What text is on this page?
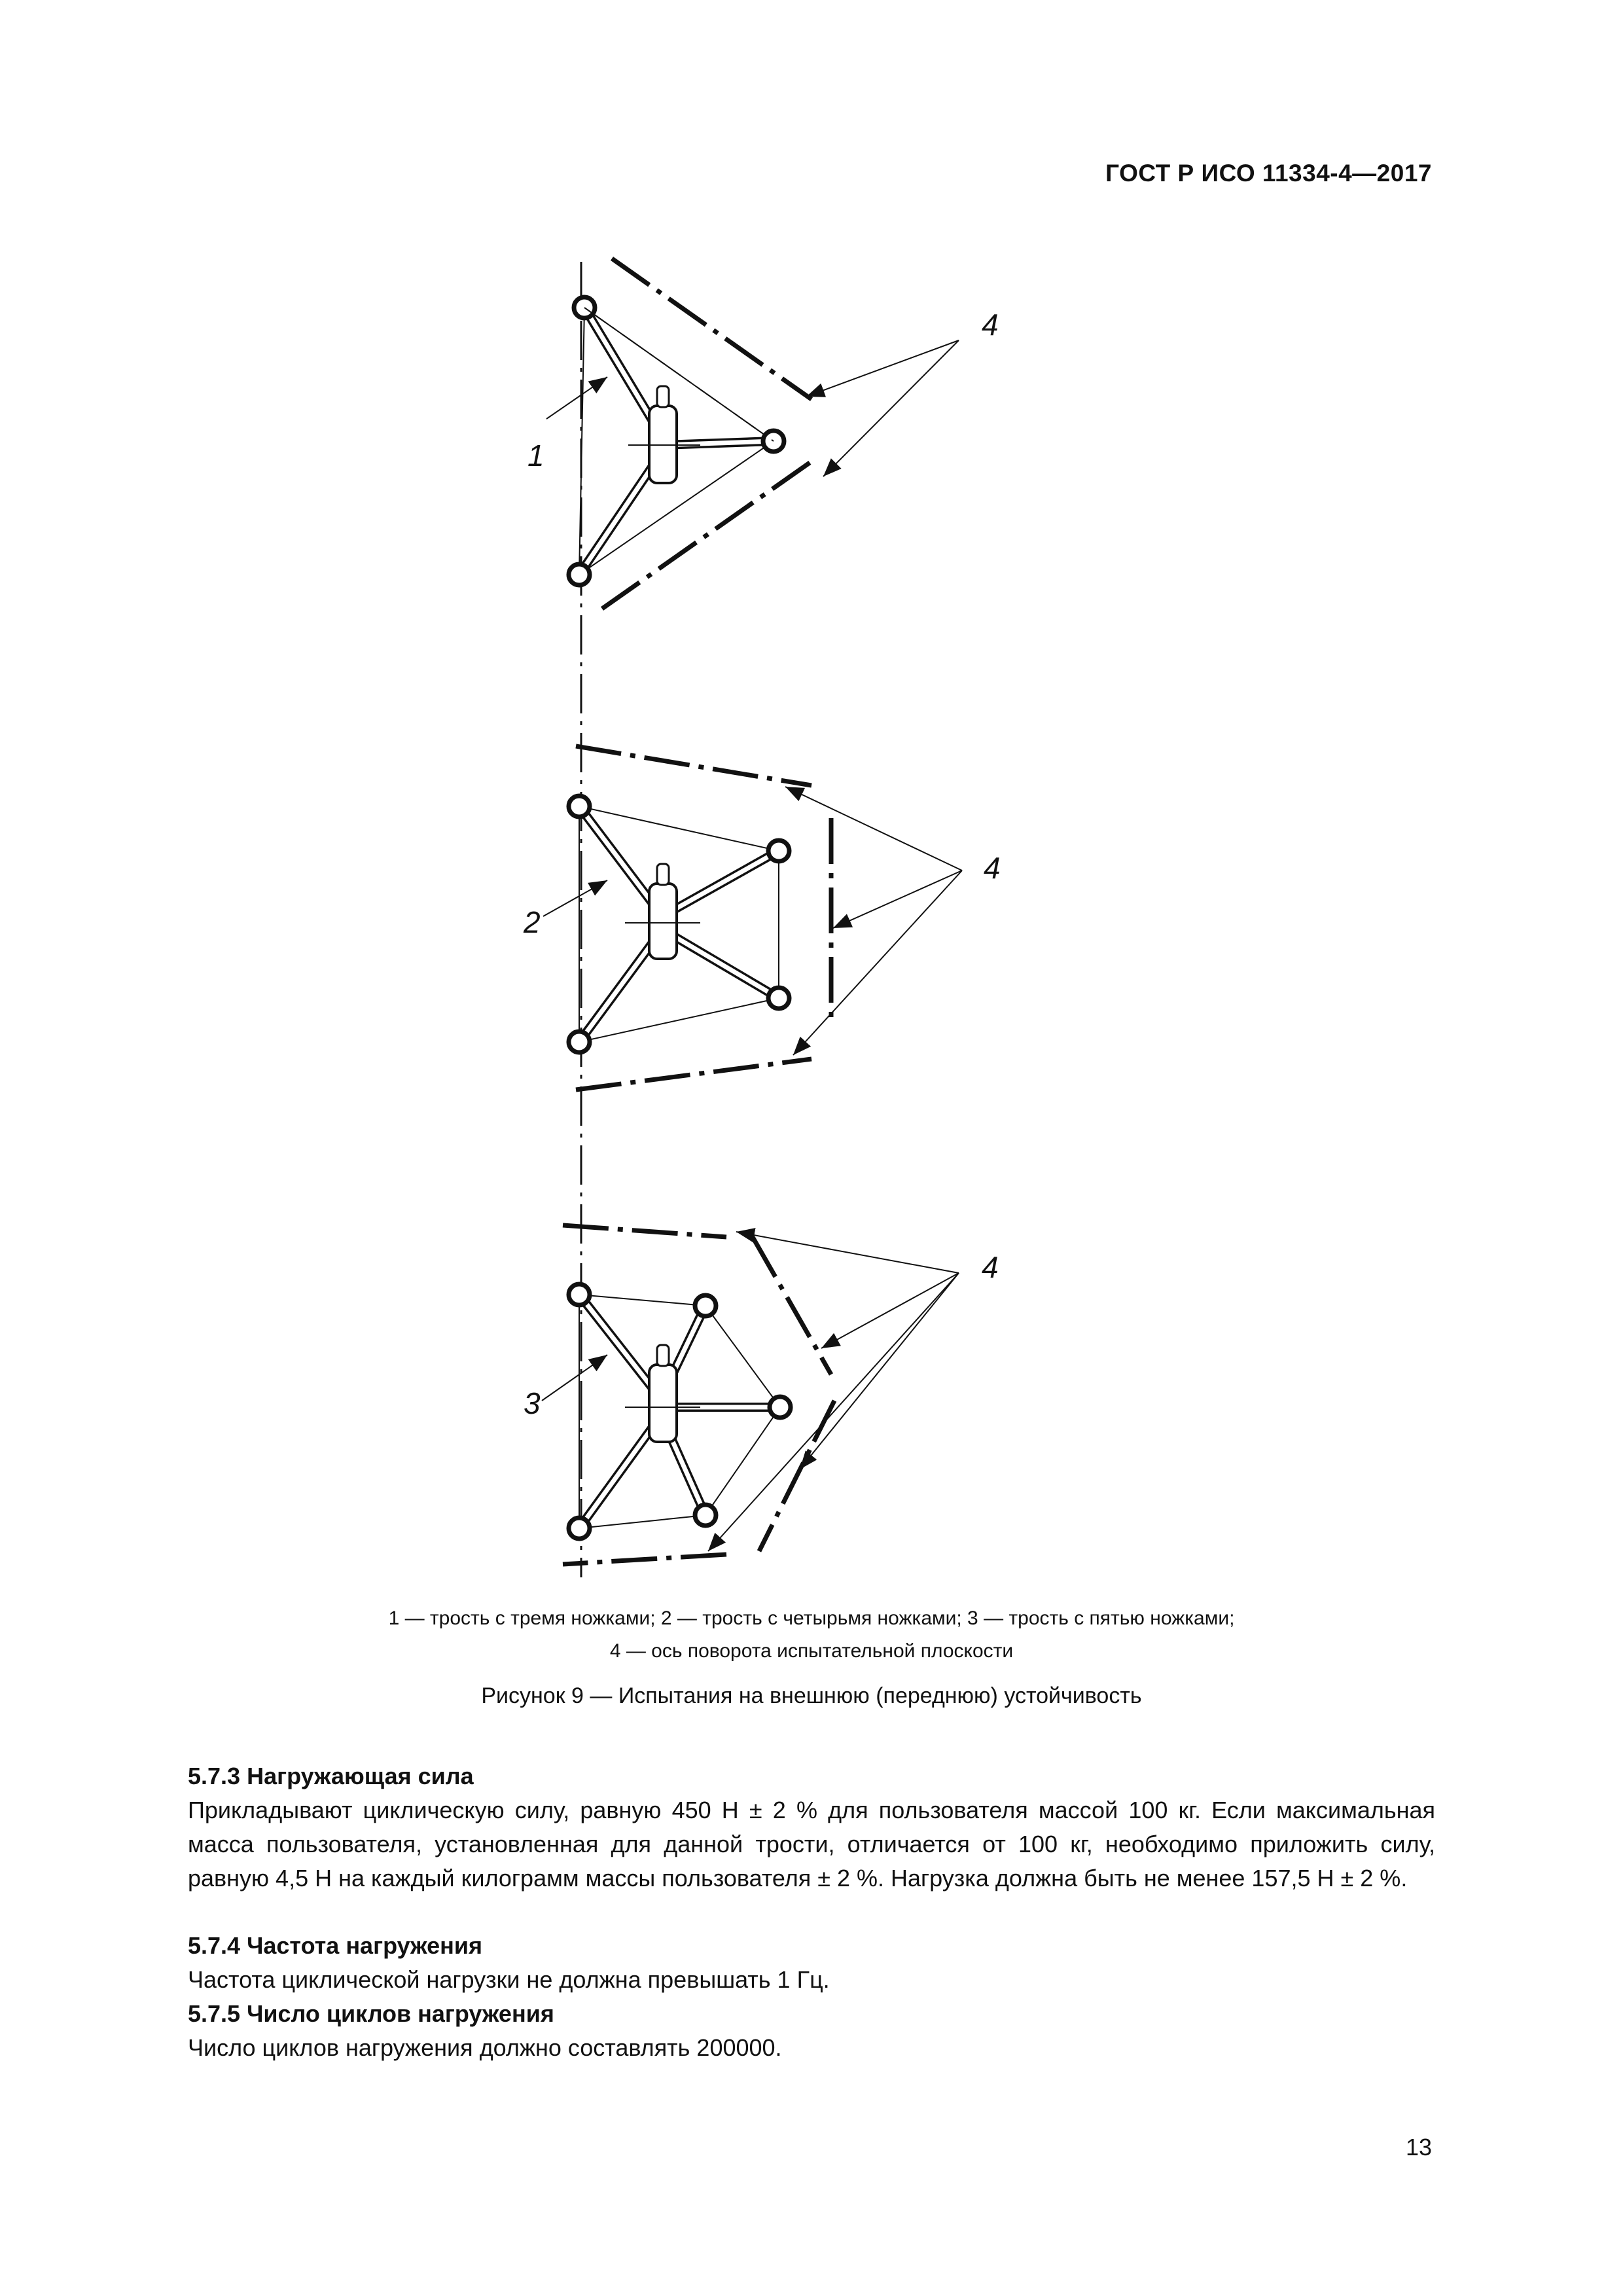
ГОСТ Р ИСО 11334-4—2017
1
4
2
4
3
4
1 — трость с тремя ножками; 2 — трость с четырьмя ножками; 3 — трость с пятью ножками;
4 — ось поворота испытательной плоскости
Рисунок 9 — Испытания на внешнюю (переднюю) устойчивость
5.7.3 Нагружающая сила
Прикладывают циклическую силу, равную 450 Н ± 2 % для пользователя массой 100 кг. Если максимальная масса пользователя, установленная для данной трости, отличается от 100 кг, необходимо приложить силу, равную 4,5 Н на каждый килограмм массы пользователя ± 2 %. Нагрузка должна быть не менее 157,5 Н ± 2 %.
5.7.4 Частота нагружения
Частота циклической нагрузки не должна превышать 1 Гц.
5.7.5 Число циклов нагружения
Число циклов нагружения должно составлять 200000.
13
